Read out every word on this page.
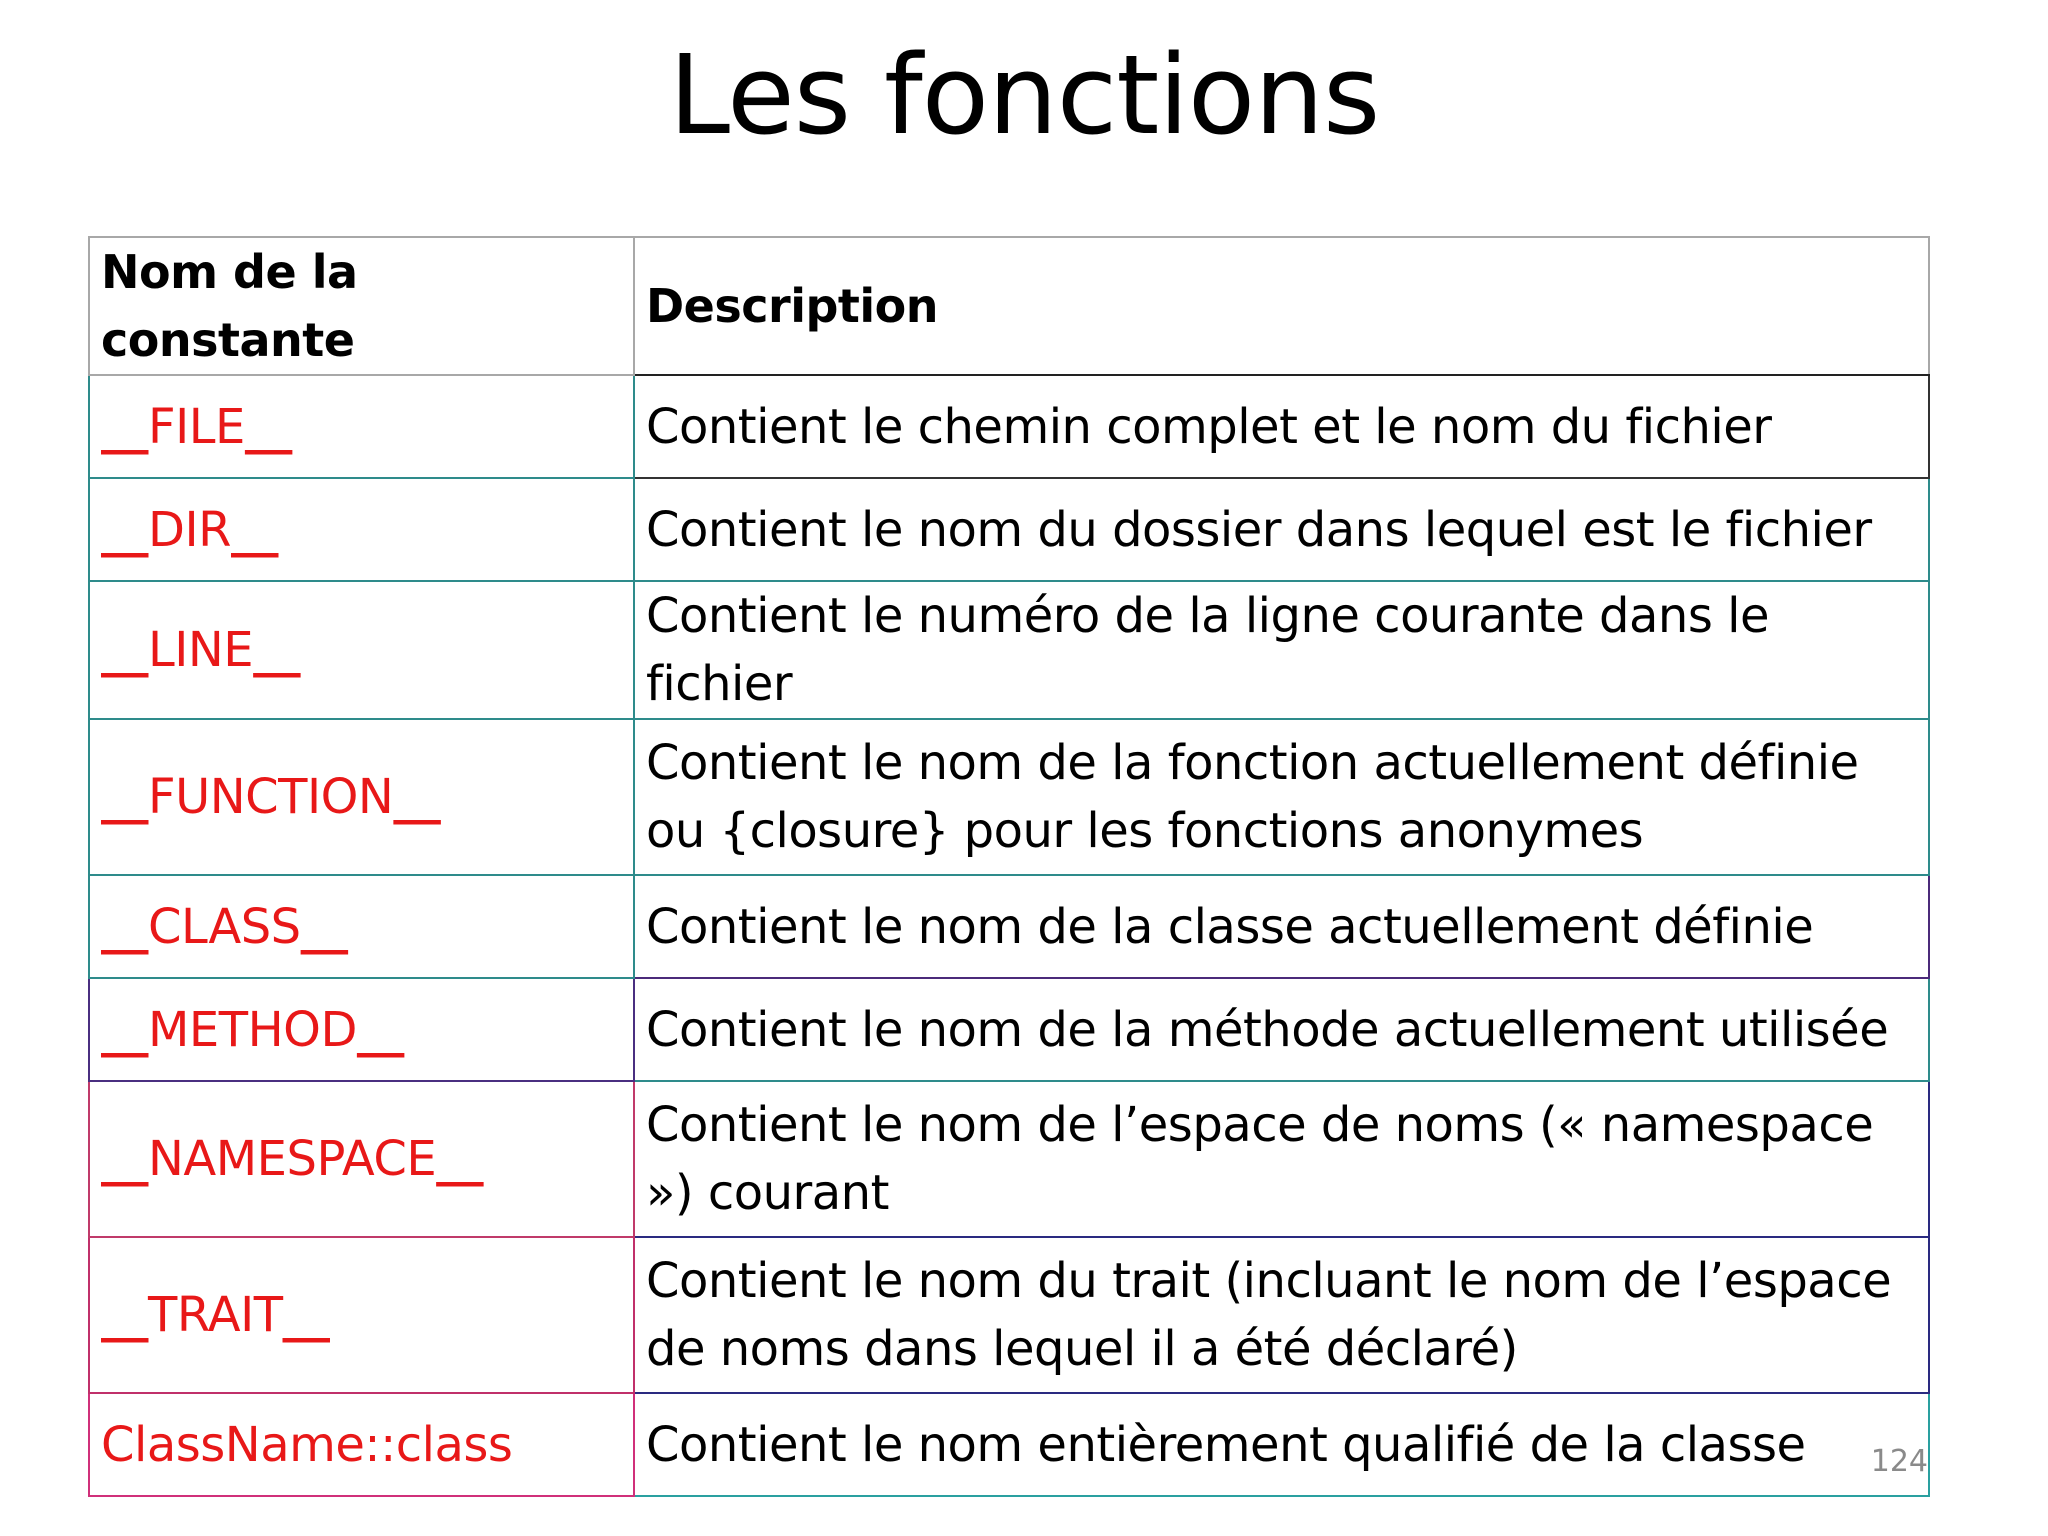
Les fonctions
Nom de la constante	Description
__FILE__	Contient le chemin complet et le nom du fichier
__DIR__	Contient le nom du dossier dans lequel est le fichier
__LINE__	Contient le numéro de la ligne courante dans le fichier
__FUNCTION__	Contient le nom de la fonction actuellement définie ou {closure} pour les fonctions anonymes
__CLASS__	Contient le nom de la classe actuellement définie
__METHOD__	Contient le nom de la méthode actuellement utilisée
__NAMESPACE__	Contient le nom de l’espace de noms (« namespace ») courant
__TRAIT__	Contient le nom du trait (incluant le nom de l’espace de noms dans lequel il a été déclaré)
ClassName::class	Contient le nom entièrement qualifié de la classe 124
